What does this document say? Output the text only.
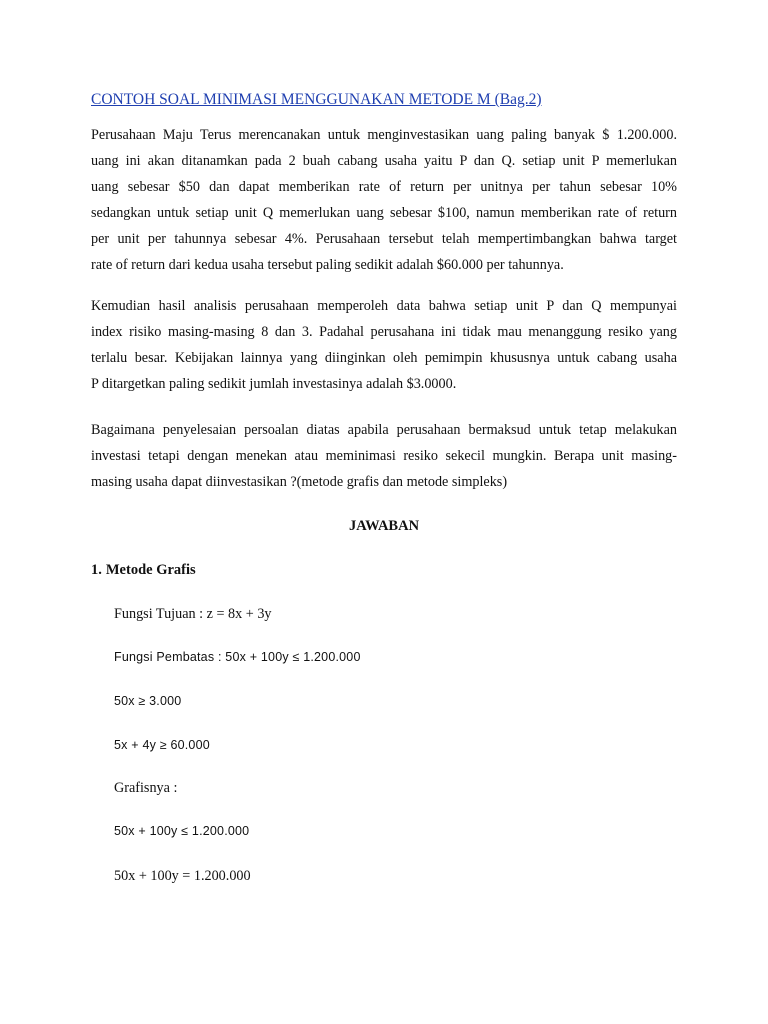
CONTOH SOAL MINIMASI MENGGUNAKAN METODE M (Bag.2)
Perusahaan Maju Terus merencanakan untuk menginvestasikan uang paling banyak $ 1.200.000.
uang ini akan ditanamkan pada 2 buah cabang usaha yaitu P dan Q. setiap unit P memerlukan
uang sebesar $50 dan dapat memberikan rate of return per unitnya per tahun sebesar 10%
sedangkan untuk setiap unit Q memerlukan uang sebesar $100, namun memberikan rate of return
per unit per tahunnya sebesar 4%. Perusahaan tersebut telah mempertimbangkan bahwa target
rate of return dari kedua usaha tersebut paling sedikit adalah $60.000 per tahunnya.
Kemudian hasil analisis perusahaan memperoleh data bahwa setiap unit P dan Q mempunyai
index risiko masing-masing 8 dan 3. Padahal perusahana ini tidak mau menanggung resiko yang
terlalu besar. Kebijakan lainnya yang diinginkan oleh pemimpin khususnya untuk cabang usaha
P ditargetkan paling sedikit jumlah investasinya adalah $3.0000.
Bagaimana penyelesaian persoalan diatas apabila perusahaan bermaksud untuk tetap melakukan
investasi tetapi dengan menekan atau meminimasi resiko sekecil mungkin. Berapa unit masing-
masing usaha dapat diinvestasikan ?(metode grafis dan metode simpleks)
JAWABAN
1. Metode Grafis
Fungsi Tujuan : z = 8x + 3y
Fungsi Pembatas : 50x + 100y ≤ 1.200.000
50x ≥ 3.000
5x + 4y ≥ 60.000
Grafisnya :
50x + 100y ≤ 1.200.000
50x + 100y = 1.200.000
